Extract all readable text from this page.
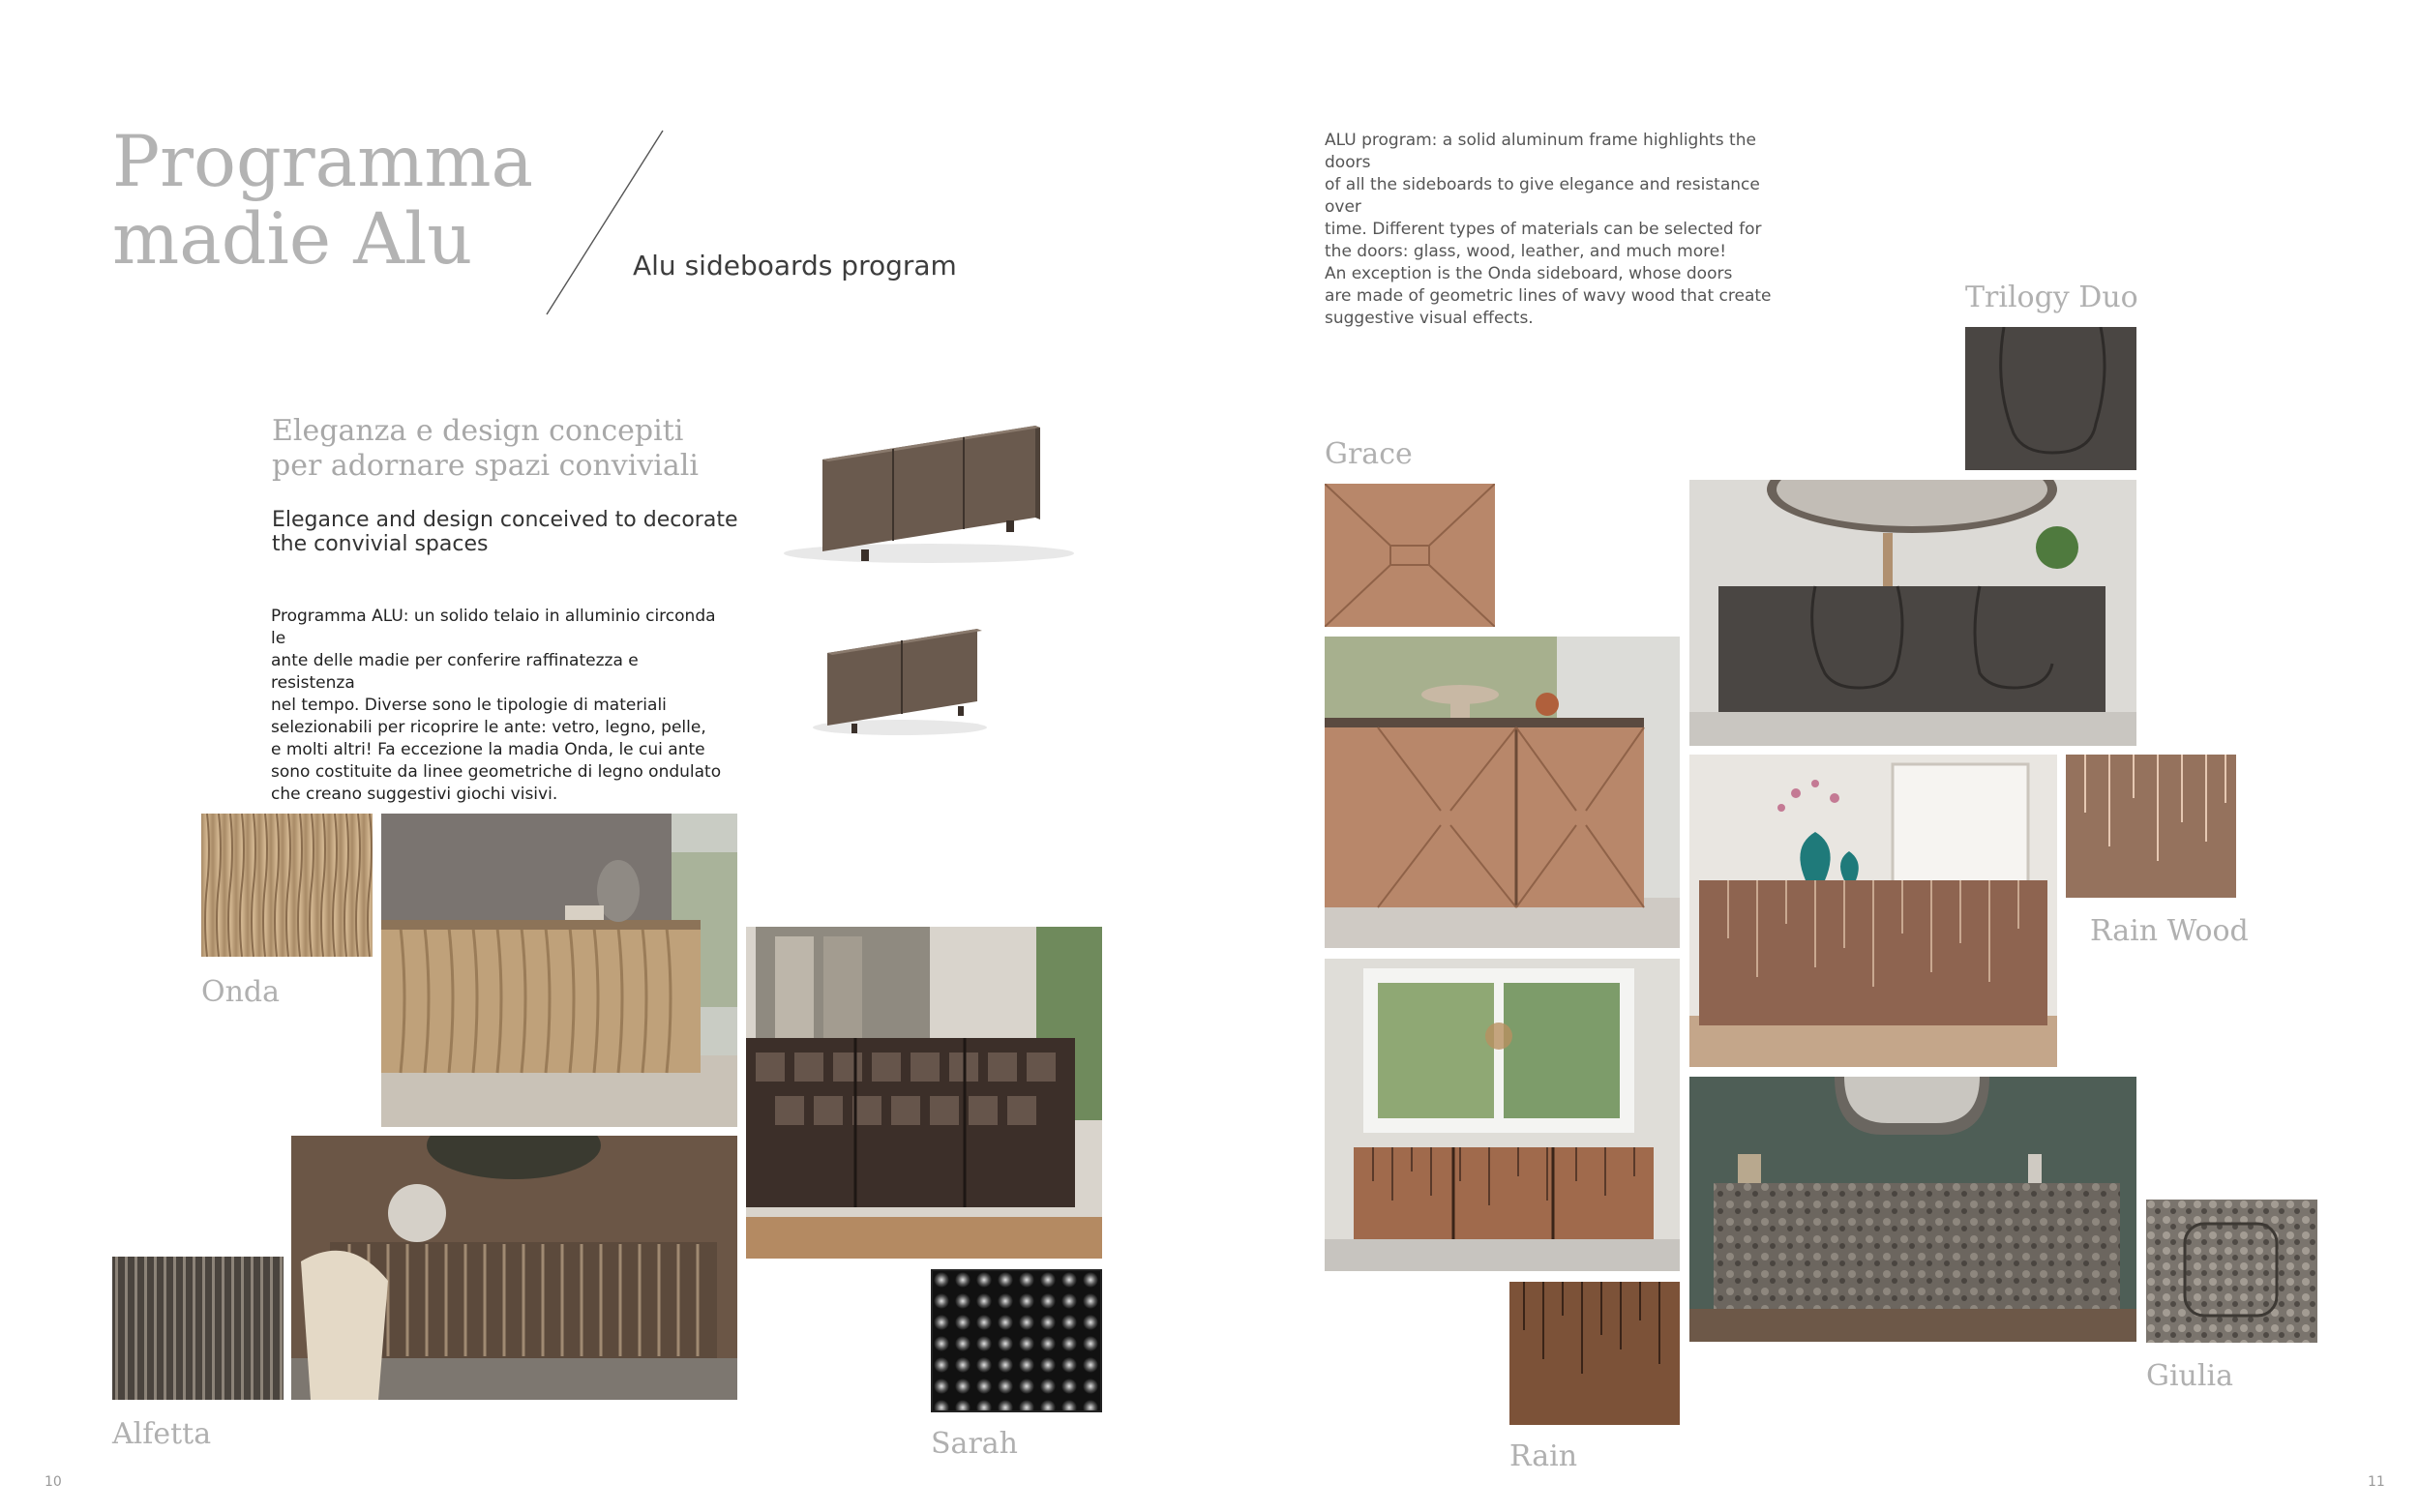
Programma
madie Alu	Alu sideboards program
Eleganza e design concepiti
per adornare spazi conviviali
Elegance and design conceived to decorate
the convivial spaces
Programma ALU: un solido telaio in alluminio circonda le
ante delle madie per conferire raffinatezza e resistenza
nel tempo. Diverse sono le tipologie di materiali
selezionabili per ricoprire le ante: vetro, legno, pelle,
e molti altri! Fa eccezione la madia Onda, le cui ante
sono costituite da linee geometriche di legno ondulato
che creano suggestivi giochi visivi.
Onda
Alfetta	Sarah
10
ALU program: a solid aluminum frame highlights the doors
of all the sideboards to give elegance and resistance over
time. Different types of materials can be selected for
the doors: glass, wood, leather, and much more!
An exception is the Onda sideboard, whose doors
are made of geometric lines of wavy wood that create
suggestive visual effects.
Grace
Rain
Trilogy Duo
Rain Wood
Giulia
11
